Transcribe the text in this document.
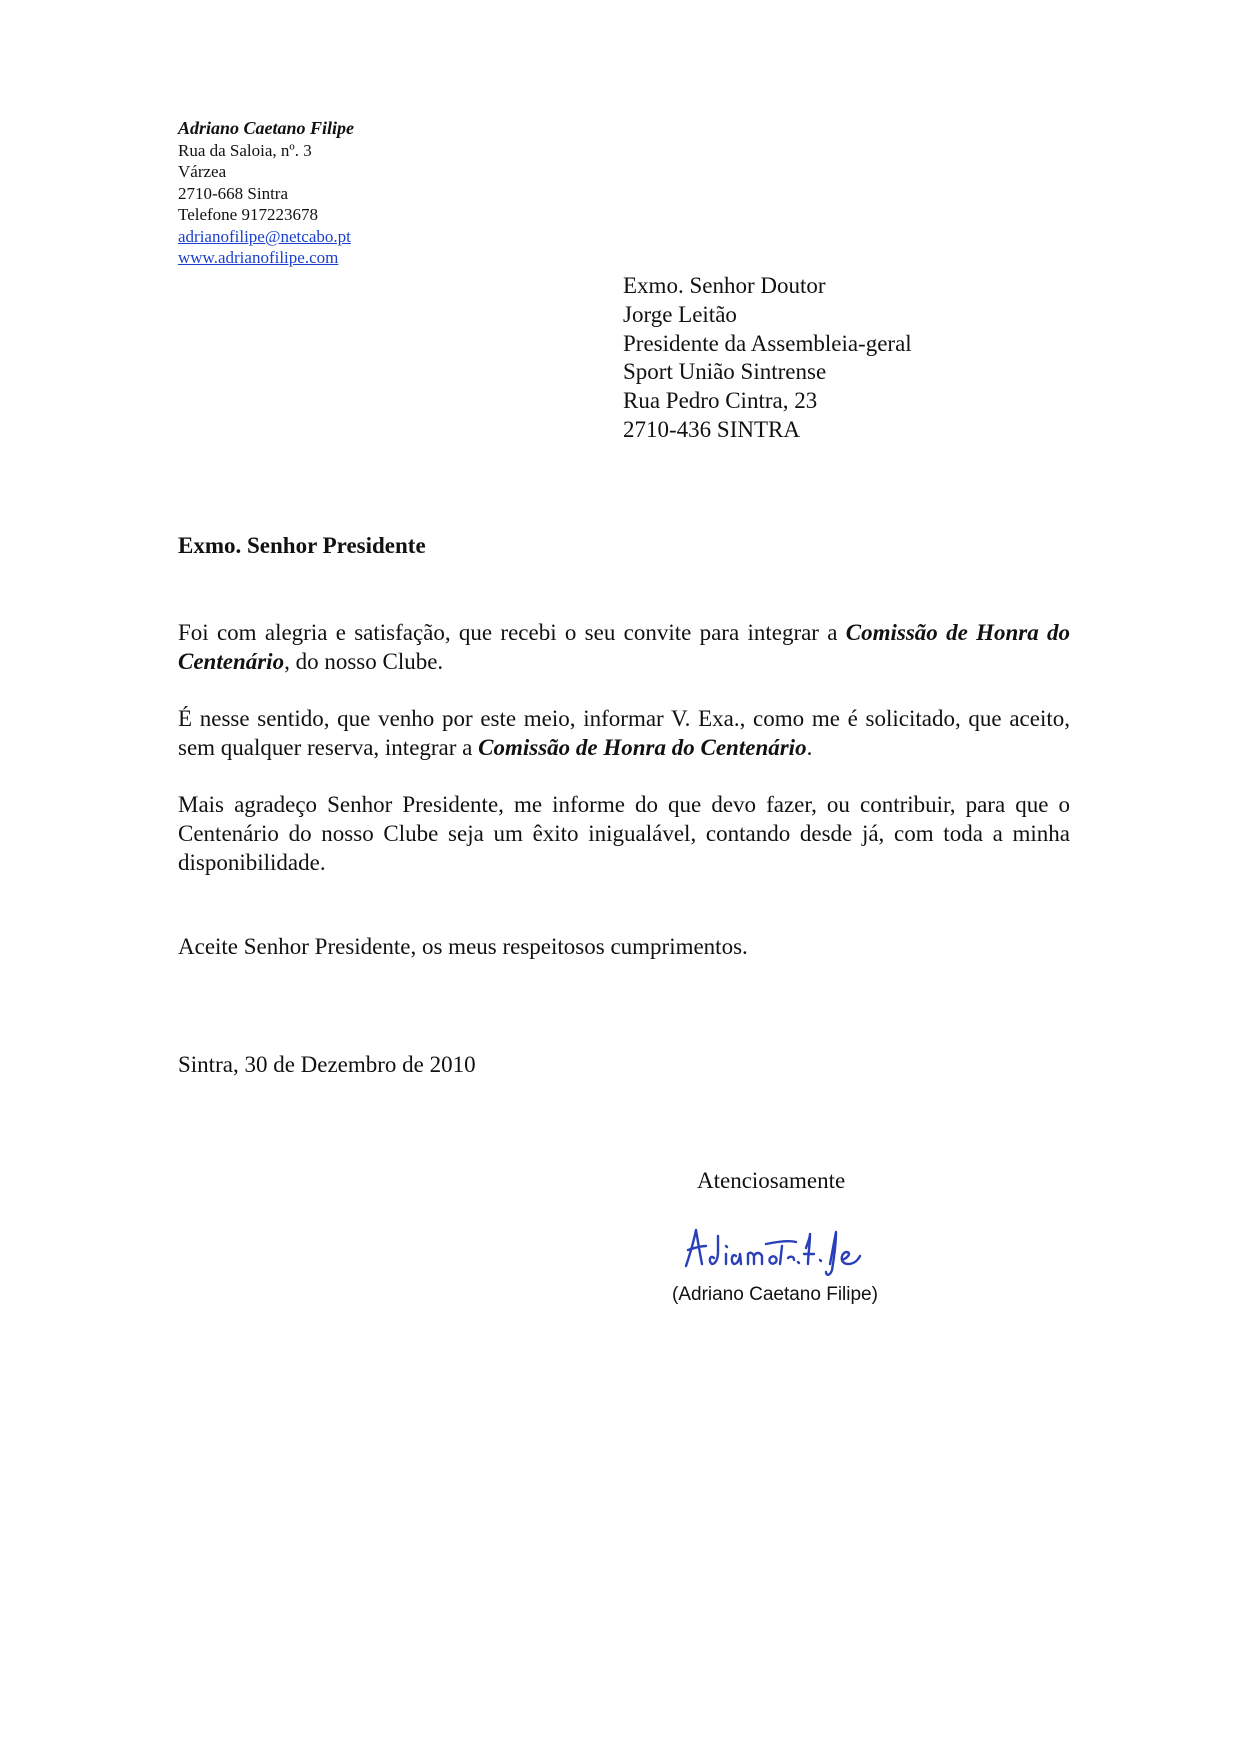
Adriano Caetano Filipe
Rua da Saloia, nº. 3
Várzea
2710-668 Sintra
Telefone 917223678
adrianofilipe@netcabo.pt
www.adrianofilipe.com
Exmo. Senhor Doutor
Jorge Leitão
Presidente da Assembleia-geral
Sport União Sintrense
Rua Pedro Cintra, 23
2710-436 SINTRA
Exmo. Senhor Presidente
Foi com alegria e satisfação, que recebi o seu convite para integrar a Comissão de Honra do Centenário, do nosso Clube.
É nesse sentido, que venho por este meio, informar V. Exa., como me é solicitado, que aceito, sem qualquer reserva, integrar a Comissão de Honra do Centenário.
Mais agradeço Senhor Presidente, me informe do que devo fazer, ou contribuir, para que o Centenário do nosso Clube seja um êxito inigualável, contando desde já, com toda a minha disponibilidade.
Aceite Senhor Presidente, os meus respeitosos cumprimentos.
Sintra, 30 de Dezembro de 2010
Atenciosamente
(Adriano Caetano Filipe)
